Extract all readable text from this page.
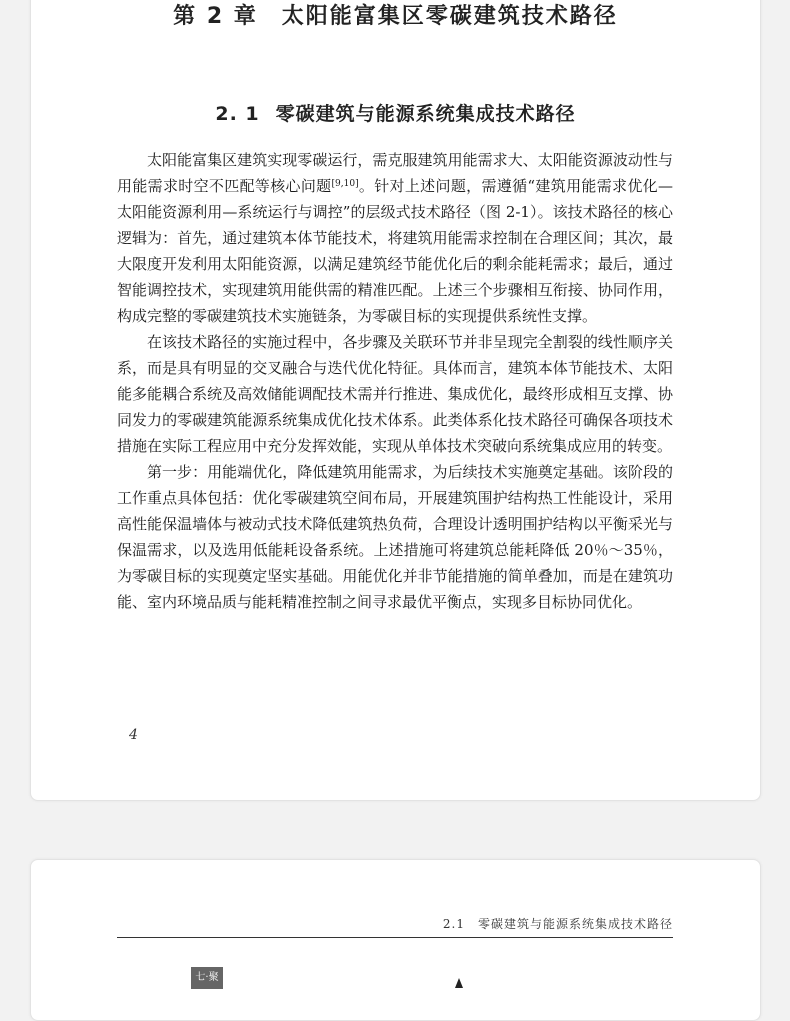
第 2 章　太阳能富集区零碳建筑技术路径
2. 1 零碳建筑与能源系统集成技术路径

太阳能富集区建筑实现零碳运行，需克服建筑用能需求大、太阳能资源波动性与用能需求时空不匹配等核心问题[9,10]。针对上述问题，需遵循“建筑用能需求优化—太阳能资源利用—系统运行与调控”的层级式技术路径（图 2-1）。该技术路径的核心逻辑为：首先，通过建筑本体节能技术，将建筑用能需求控制在合理区间；其次，最大限度开发利用太阳能资源，以满足建筑经节能优化后的剩余能耗需求；最后，通过智能调控技术，实现建筑用能供需的精准匹配。上述三个步骤相互衔接、协同作用，构成完整的零碳建筑技术实施链条，为零碳目标的实现提供系统性支撑。

在该技术路径的实施过程中，各步骤及关联环节并非呈现完全割裂的线性顺序关系，而是具有明显的交叉融合与迭代优化特征。具体而言，建筑本体节能技术、太阳能多能耦合系统及高效储能调配技术需并行推进、集成优化，最终形成相互支撑、协同发力的零碳建筑能源系统集成优化技术体系。此类体系化技术路径可确保各项技术措施在实际工程应用中充分发挥效能，实现从单体技术突破向系统集成应用的转变。

第一步：用能端优化，降低建筑用能需求，为后续技术实施奠定基础。该阶段的工作重点具体包括：优化零碳建筑空间布局，开展建筑围护结构热工性能设计，采用高性能保温墙体与被动式技术降低建筑热负荷，合理设计透明围护结构以平衡采光与保温需求，以及选用低能耗设备系统。上述措施可将建筑总能耗降低 20％～35％，为零碳目标的实现奠定坚实基础。用能优化并非节能措施的简单叠加，而是在建筑功能、室内环境品质与能耗精准控制之间寻求最优平衡点，实现多目标协同优化。

4
2.1　零碳建筑与能源系统集成技术路径
七·聚
